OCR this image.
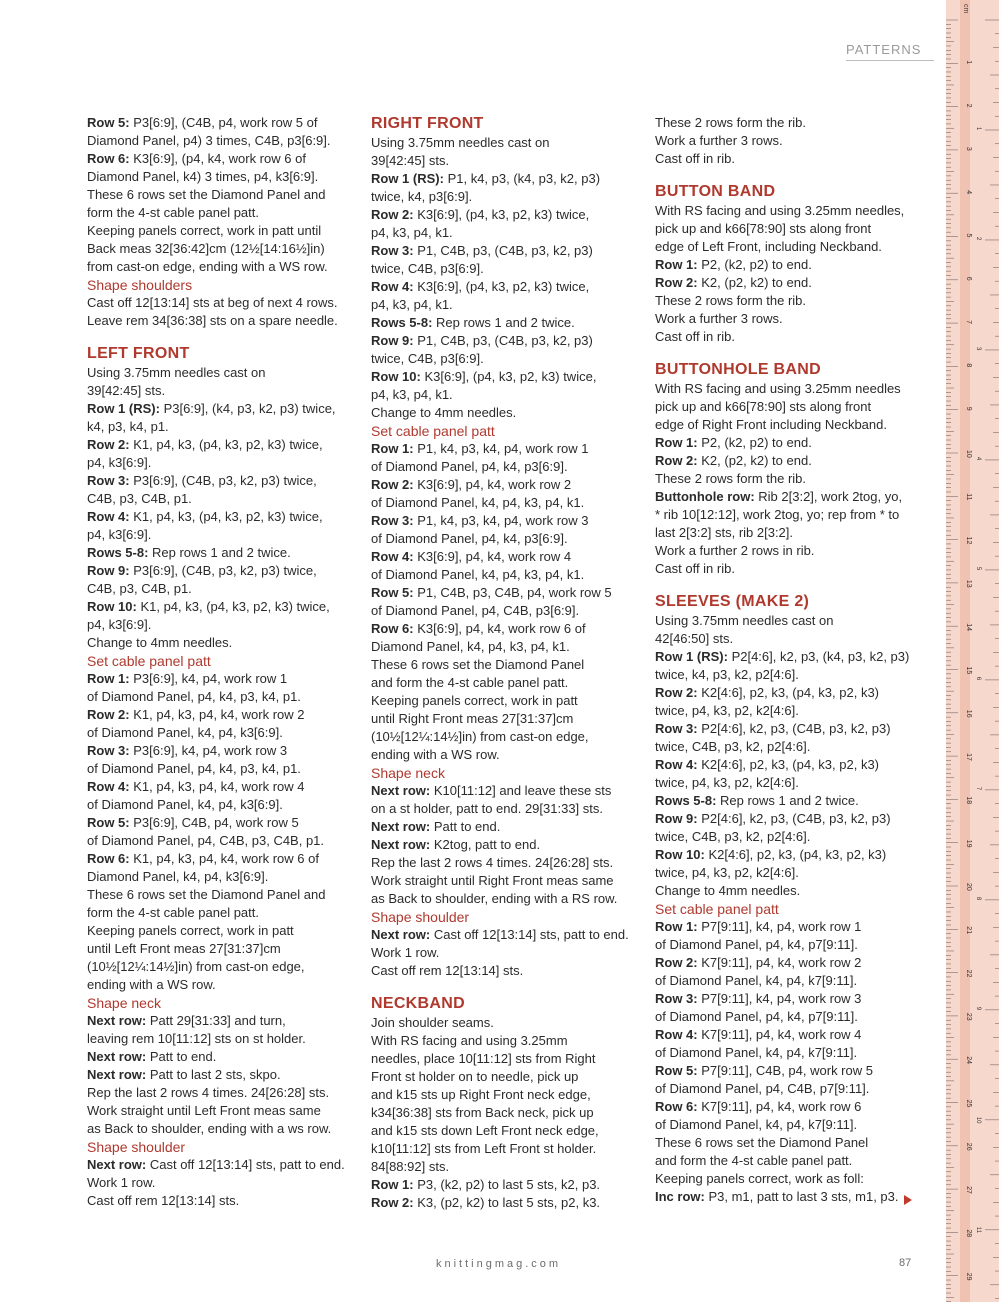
PATTERNS
Row 5: P3[6:9], (C4B, p4, work row 5 of
Diamond Panel, p4) 3 times, C4B, p3[6:9].
Row 6: K3[6:9], (p4, k4, work row 6 of
Diamond Panel, k4) 3 times, p4, k3[6:9].
These 6 rows set the Diamond Panel and
form the 4-st cable panel patt.
Keeping panels correct, work in patt until
Back meas 32[36:42]cm (12½[14:16½]in)
from cast-on edge, ending with a WS row.
Shape shoulders
Cast off 12[13:14] sts at beg of next 4 rows.
Leave rem 34[36:38] sts on a spare needle.
LEFT FRONT
Using 3.75mm needles cast on
39[42:45] sts.
Row 1 (RS): P3[6:9], (k4, p3, k2, p3) twice,
k4, p3, k4, p1.
Row 2: K1, p4, k3, (p4, k3, p2, k3) twice,
p4, k3[6:9].
Row 3: P3[6:9], (C4B, p3, k2, p3) twice,
C4B, p3, C4B, p1.
Row 4: K1, p4, k3, (p4, k3, p2, k3) twice,
p4, k3[6:9].
Rows 5-8: Rep rows 1 and 2 twice.
Row 9: P3[6:9], (C4B, p3, k2, p3) twice,
C4B, p3, C4B, p1.
Row 10: K1, p4, k3, (p4, k3, p2, k3) twice,
p4, k3[6:9].
Change to 4mm needles.
Set cable panel patt
Row 1: P3[6:9], k4, p4, work row 1
of Diamond Panel, p4, k4, p3, k4, p1.
Row 2: K1, p4, k3, p4, k4, work row 2
of Diamond Panel, k4, p4, k3[6:9].
Row 3: P3[6:9], k4, p4, work row 3
of Diamond Panel, p4, k4, p3, k4, p1.
Row 4: K1, p4, k3, p4, k4, work row 4
of Diamond Panel, k4, p4, k3[6:9].
Row 5: P3[6:9], C4B, p4, work row 5
of Diamond Panel, p4, C4B, p3, C4B, p1.
Row 6: K1, p4, k3, p4, k4, work row 6 of
Diamond Panel, k4, p4, k3[6:9].
These 6 rows set the Diamond Panel and
form the 4-st cable panel patt.
Keeping panels correct, work in patt
until Left Front meas 27[31:37]cm
(10½[12¼:14½]in) from cast-on edge,
ending with a WS row.
Shape neck
Next row: Patt 29[31:33] and turn,
leaving rem 10[11:12] sts on st holder.
Next row: Patt to end.
Next row: Patt to last 2 sts, skpo.
Rep the last 2 rows 4 times. 24[26:28] sts.
Work straight until Left Front meas same
as Back to shoulder, ending with a ws row.
Shape shoulder
Next row: Cast off 12[13:14] sts, patt to end.
Work 1 row.
Cast off rem 12[13:14] sts.
RIGHT FRONT
Using 3.75mm needles cast on
39[42:45] sts.
Row 1 (RS): P1, k4, p3, (k4, p3, k2, p3)
twice, k4, p3[6:9].
Row 2: K3[6:9], (p4, k3, p2, k3) twice,
p4, k3, p4, k1.
Row 3: P1, C4B, p3, (C4B, p3, k2, p3)
twice, C4B, p3[6:9].
Row 4: K3[6:9], (p4, k3, p2, k3) twice,
p4, k3, p4, k1.
Rows 5-8: Rep rows 1 and 2 twice.
Row 9: P1, C4B, p3, (C4B, p3, k2, p3)
twice, C4B, p3[6:9].
Row 10: K3[6:9], (p4, k3, p2, k3) twice,
p4, k3, p4, k1.
Change to 4mm needles.
Set cable panel patt
Row 1: P1, k4, p3, k4, p4, work row 1
of Diamond Panel, p4, k4, p3[6:9].
Row 2: K3[6:9], p4, k4, work row 2
of Diamond Panel, k4, p4, k3, p4, k1.
Row 3: P1, k4, p3, k4, p4, work row 3
of Diamond Panel, p4, k4, p3[6:9].
Row 4: K3[6:9], p4, k4, work row 4
of Diamond Panel, k4, p4, k3, p4, k1.
Row 5: P1, C4B, p3, C4B, p4, work row 5
of Diamond Panel, p4, C4B, p3[6:9].
Row 6: K3[6:9], p4, k4, work row 6 of
Diamond Panel, k4, p4, k3, p4, k1.
These 6 rows set the Diamond Panel
and form the 4-st cable panel patt.
Keeping panels correct, work in patt
until Right Front meas 27[31:37]cm
(10½[12¼:14½]in) from cast-on edge,
ending with a WS row.
Shape neck
Next row: K10[11:12] and leave these sts
on a st holder, patt to end. 29[31:33] sts.
Next row: Patt to end.
Next row: K2tog, patt to end.
Rep the last 2 rows 4 times. 24[26:28] sts.
Work straight until Right Front meas same
as Back to shoulder, ending with a RS row.
Shape shoulder
Next row: Cast off 12[13:14] sts, patt to end.
Work 1 row.
Cast off rem 12[13:14] sts.
NECKBAND
Join shoulder seams.
With RS facing and using 3.25mm
needles, place 10[11:12] sts from Right
Front st holder on to needle, pick up
and k15 sts up Right Front neck edge,
k34[36:38] sts from Back neck, pick up
and k15 sts down Left Front neck edge,
k10[11:12] sts from Left Front st holder.
84[88:92] sts.
Row 1: P3, (k2, p2) to last 5 sts, k2, p3.
Row 2: K3, (p2, k2) to last 5 sts, p2, k3.
These 2 rows form the rib.
Work a further 3 rows.
Cast off in rib.
BUTTON BAND
With RS facing and using 3.25mm needles,
pick up and k66[78:90] sts along front
edge of Left Front, including Neckband.
Row 1: P2, (k2, p2) to end.
Row 2: K2, (p2, k2) to end.
These 2 rows form the rib.
Work a further 3 rows.
Cast off in rib.
BUTTONHOLE BAND
With RS facing and using 3.25mm needles
pick up and k66[78:90] sts along front
edge of Right Front including Neckband.
Row 1: P2, (k2, p2) to end.
Row 2: K2, (p2, k2) to end.
These 2 rows form the rib.
Buttonhole row: Rib 2[3:2], work 2tog, yo,
* rib 10[12:12], work 2tog, yo; rep from * to
last 2[3:2] sts, rib 2[3:2].
Work a further 2 rows in rib.
Cast off in rib.
SLEEVES (MAKE 2)
Using 3.75mm needles cast on
42[46:50] sts.
Row 1 (RS): P2[4:6], k2, p3, (k4, p3, k2, p3)
twice, k4, p3, k2, p2[4:6].
Row 2: K2[4:6], p2, k3, (p4, k3, p2, k3)
twice, p4, k3, p2, k2[4:6].
Row 3: P2[4:6], k2, p3, (C4B, p3, k2, p3)
twice, C4B, p3, k2, p2[4:6].
Row 4: K2[4:6], p2, k3, (p4, k3, p2, k3)
twice, p4, k3, p2, k2[4:6].
Rows 5-8: Rep rows 1 and 2 twice.
Row 9: P2[4:6], k2, p3, (C4B, p3, k2, p3)
twice, C4B, p3, k2, p2[4:6].
Row 10: K2[4:6], p2, k3, (p4, k3, p2, k3)
twice, p4, k3, p2, k2[4:6].
Change to 4mm needles.
Set cable panel patt
Row 1: P7[9:11], k4, p4, work row 1
of Diamond Panel, p4, k4, p7[9:11].
Row 2: K7[9:11], p4, k4, work row 2
of Diamond Panel, k4, p4, k7[9:11].
Row 3: P7[9:11], k4, p4, work row 3
of Diamond Panel, p4, k4, p7[9:11].
Row 4: K7[9:11], p4, k4, work row 4
of Diamond Panel, k4, p4, k7[9:11].
Row 5: P7[9:11], C4B, p4, work row 5
of Diamond Panel, p4, C4B, p7[9:11].
Row 6: K7[9:11], p4, k4, work row 6
of Diamond Panel, k4, p4, k7[9:11].
These 6 rows set the Diamond Panel
and form the 4-st cable panel patt.
Keeping panels correct, work as foll:
Inc row: P3, m1, patt to last 3 sts, m1, p3.
knittingmag.com	87
cm
1
2
3
4
5
6
7
8
9
10
11
12
13
14
15
16
17
18
19
20
21
22
23
24
25
26
27
28
29
1
2
3
4
5
6
7
8
9
10
11
